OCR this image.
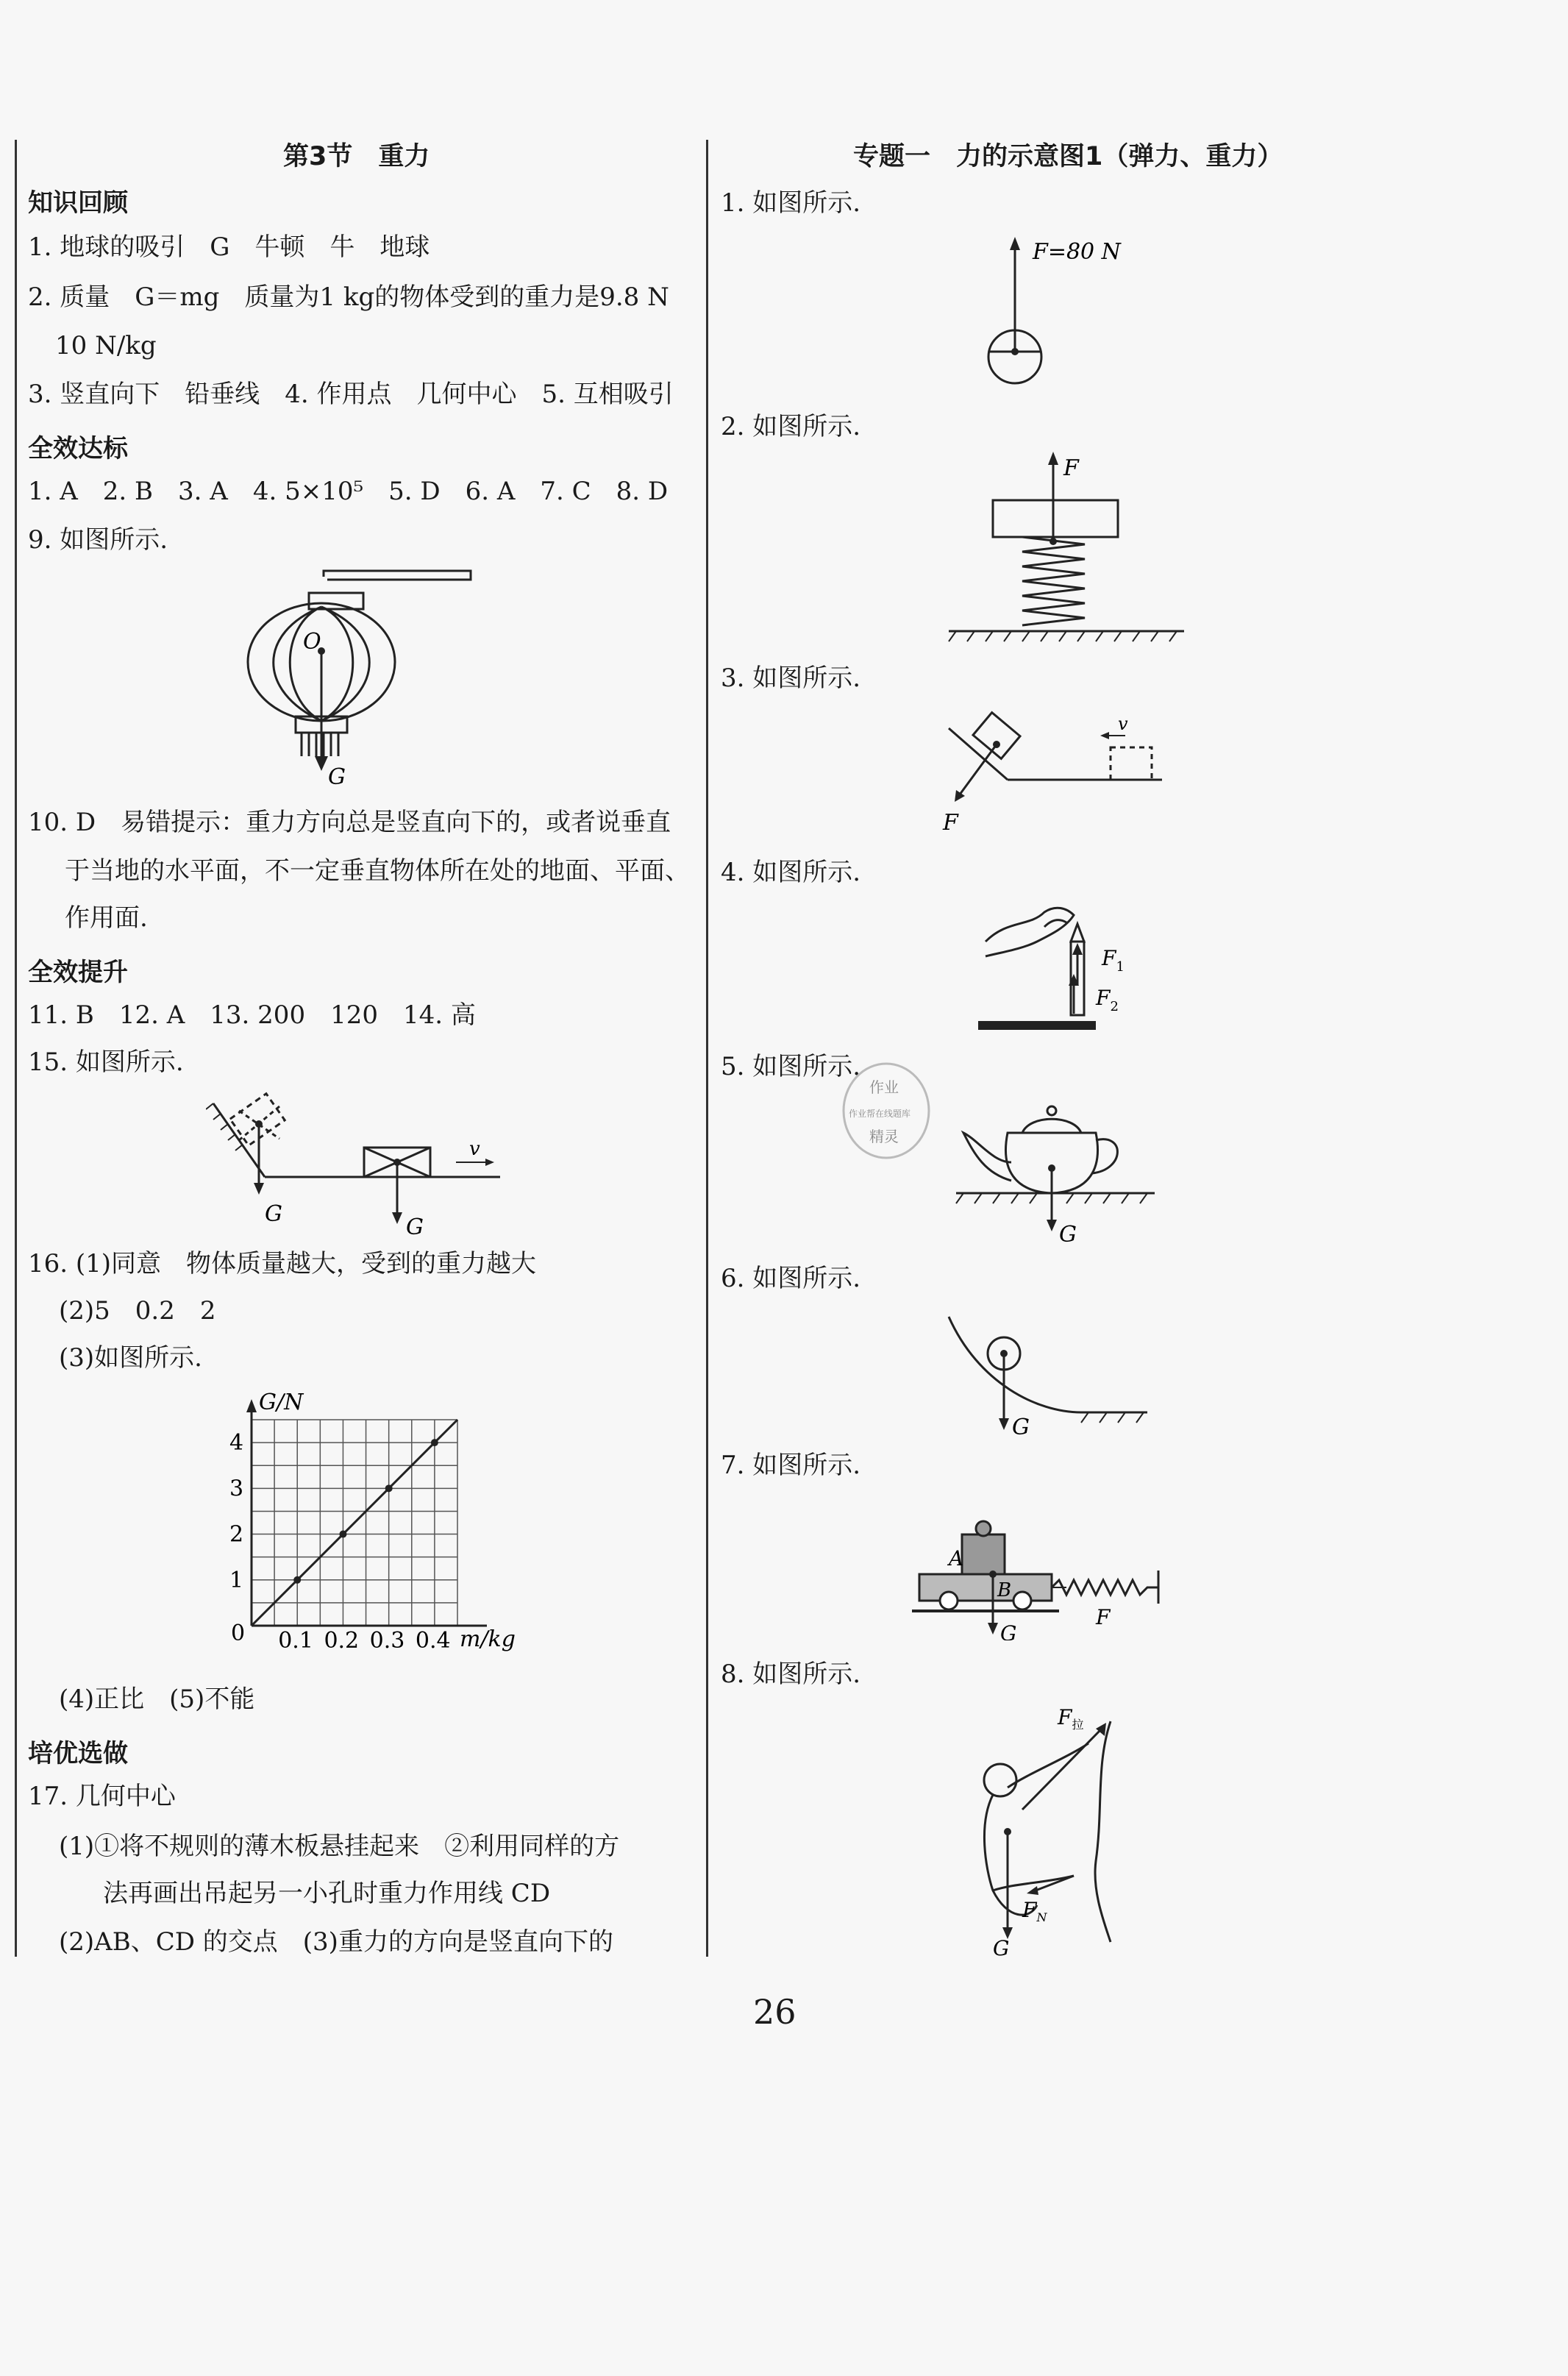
第3节　重力
知识回顾
1. 地球的吸引　G　牛顿　牛　地球
2. 质量　G＝mg　质量为1 kg的物体受到的重力是9.8 N
10 N/kg
3. 竖直向下　铅垂线　4. 作用点　几何中心　5. 互相吸引
全效达标
1. A　2. B　3. A　4. 5×10⁵　5. D　6. A　7. C　8. D
9. 如图所示.
O
G
10. D　易错提示：重力方向总是竖直向下的，或者说垂直
于当地的水平面，不一定垂直物体所在处的地面、平面、
作用面.
全效提升
11. B　12. A　13. 200　120　14. 高
15. 如图所示.
G
G
v
16. (1)同意　物体质量越大，受到的重力越大
(2)5　0.2　2
(3)如图所示.
1
2
3
4
0.1 0.2 0.3 0.4
G/N
m/kg
0
(4)正比　(5)不能
培优选做
17. 几何中心
(1)①将不规则的薄木板悬挂起来　②利用同样的方
法再画出吊起另一小孔时重力作用线 CD
(2)AB、CD 的交点　(3)重力的方向是竖直向下的
专题一　力的示意图1（弹力、重力）
1. 如图所示.
F=80 N
2. 如图所示.
F
3. 如图所示.
F
v
4. 如图所示.
$F_1$
$F_2$
5. 如图所示.
作业
作业帮在线题库
精灵
G
6. 如图所示.
G
7. 如图所示.
A
B
G
F
8. 如图所示.
$F_拉$
$F_N$
G
26
